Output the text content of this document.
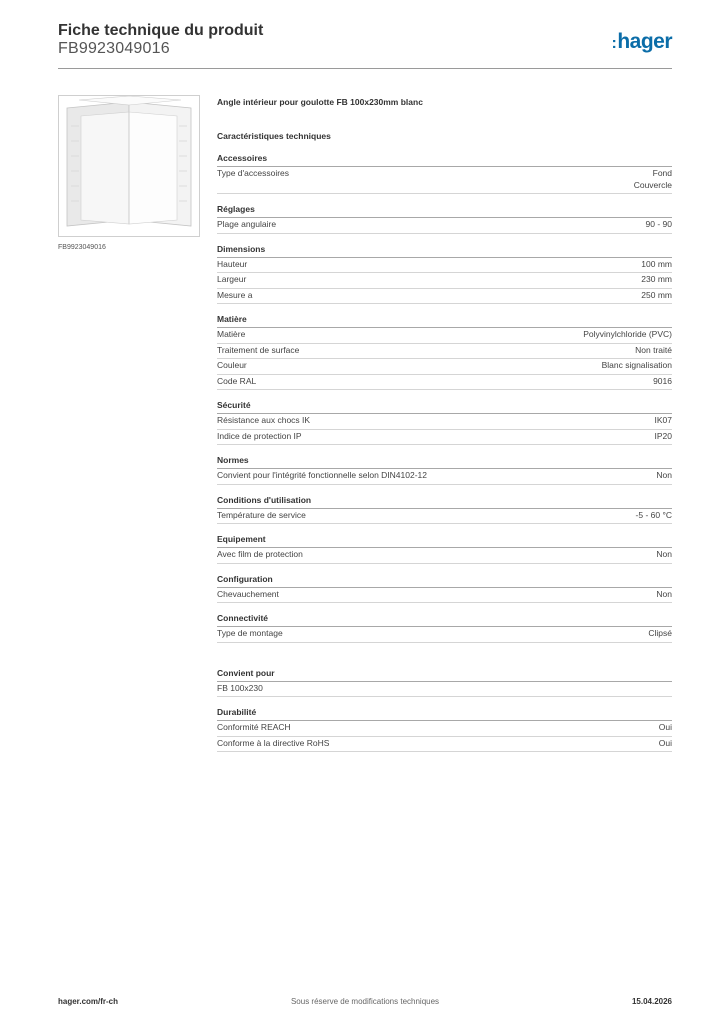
Fiche technique du produit
FB9923049016	:hager
FB9923049016
Angle intérieur pour goulotte FB 100x230mm blanc
Caractéristiques techniques
Accessoires
Type d'accessoires	Fond
Couvercle
Réglages
Plage angulaire	90 - 90
Dimensions
Hauteur	100 mm
Largeur	230 mm
Mesure a	250 mm
Matière
Matière	Polyvinylchloride (PVC)
Traitement de surface	Non traité
Couleur	Blanc signalisation
Code RAL	9016
Sécurité
Résistance aux chocs IK	IK07
Indice de protection IP	IP20
Normes
Convient pour l'intégrité fonctionnelle selon DIN4102-12	Non
Conditions d'utilisation
Température de service	-5 - 60 °C
Equipement
Avec film de protection	Non
Configuration
Chevauchement	Non
Connectivité
Type de montage	Clipsé
Convient pour
FB 100x230
Durabilité
Conformité REACH	Oui
Conforme à la directive RoHS	Oui
hager.com/fr-ch	Sous réserve de modifications techniques	15.04.2026
